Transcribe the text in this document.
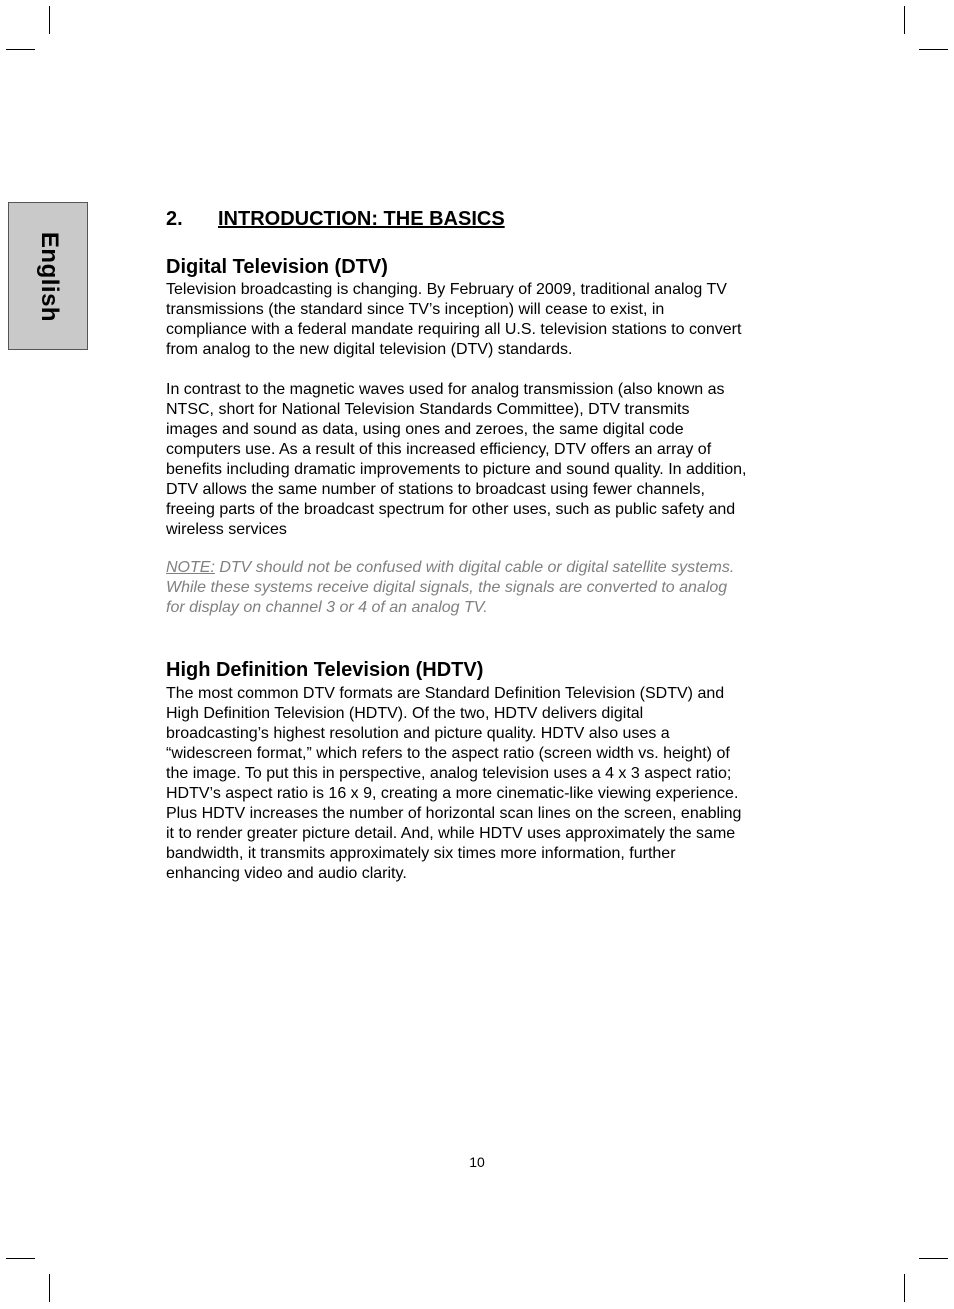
English
2. INTRODUCTION: THE BASICS
Digital Television (DTV)

Television broadcasting is changing. By February of 2009, traditional analog TV
transmissions (the standard since TV’s inception) will cease to exist, in
compliance with a federal mandate requiring all U.S. television stations to convert
from analog to the new digital television (DTV) standards.

In contrast to the magnetic waves used for analog transmission (also known as
NTSC, short for National Television Standards Committee), DTV transmits
images and sound as data, using ones and zeroes, the same digital code
computers use. As a result of this increased efficiency, DTV offers an array of
benefits including dramatic improvements to picture and sound quality. In addition,
DTV allows the same number of stations to broadcast using fewer channels,
freeing parts of the broadcast spectrum for other uses, such as public safety and
wireless services

NOTE: DTV should not be confused with digital cable or digital satellite systems.
While these systems receive digital signals, the signals are converted to analog
for display on channel 3 or 4 of an analog TV.

High Definition Television (HDTV)

The most common DTV formats are Standard Definition Television (SDTV) and
High Definition Television (HDTV). Of the two, HDTV delivers digital
broadcasting’s highest resolution and picture quality. HDTV also uses a
“widescreen format,” which refers to the aspect ratio (screen width vs. height) of
the image. To put this in perspective, analog television uses a 4 x 3 aspect ratio;
HDTV’s aspect ratio is 16 x 9, creating a more cinematic-like viewing experience.
Plus HDTV increases the number of horizontal scan lines on the screen, enabling
it to render greater picture detail. And, while HDTV uses approximately the same
bandwidth, it transmits approximately six times more information, further
enhancing video and audio clarity.

10
